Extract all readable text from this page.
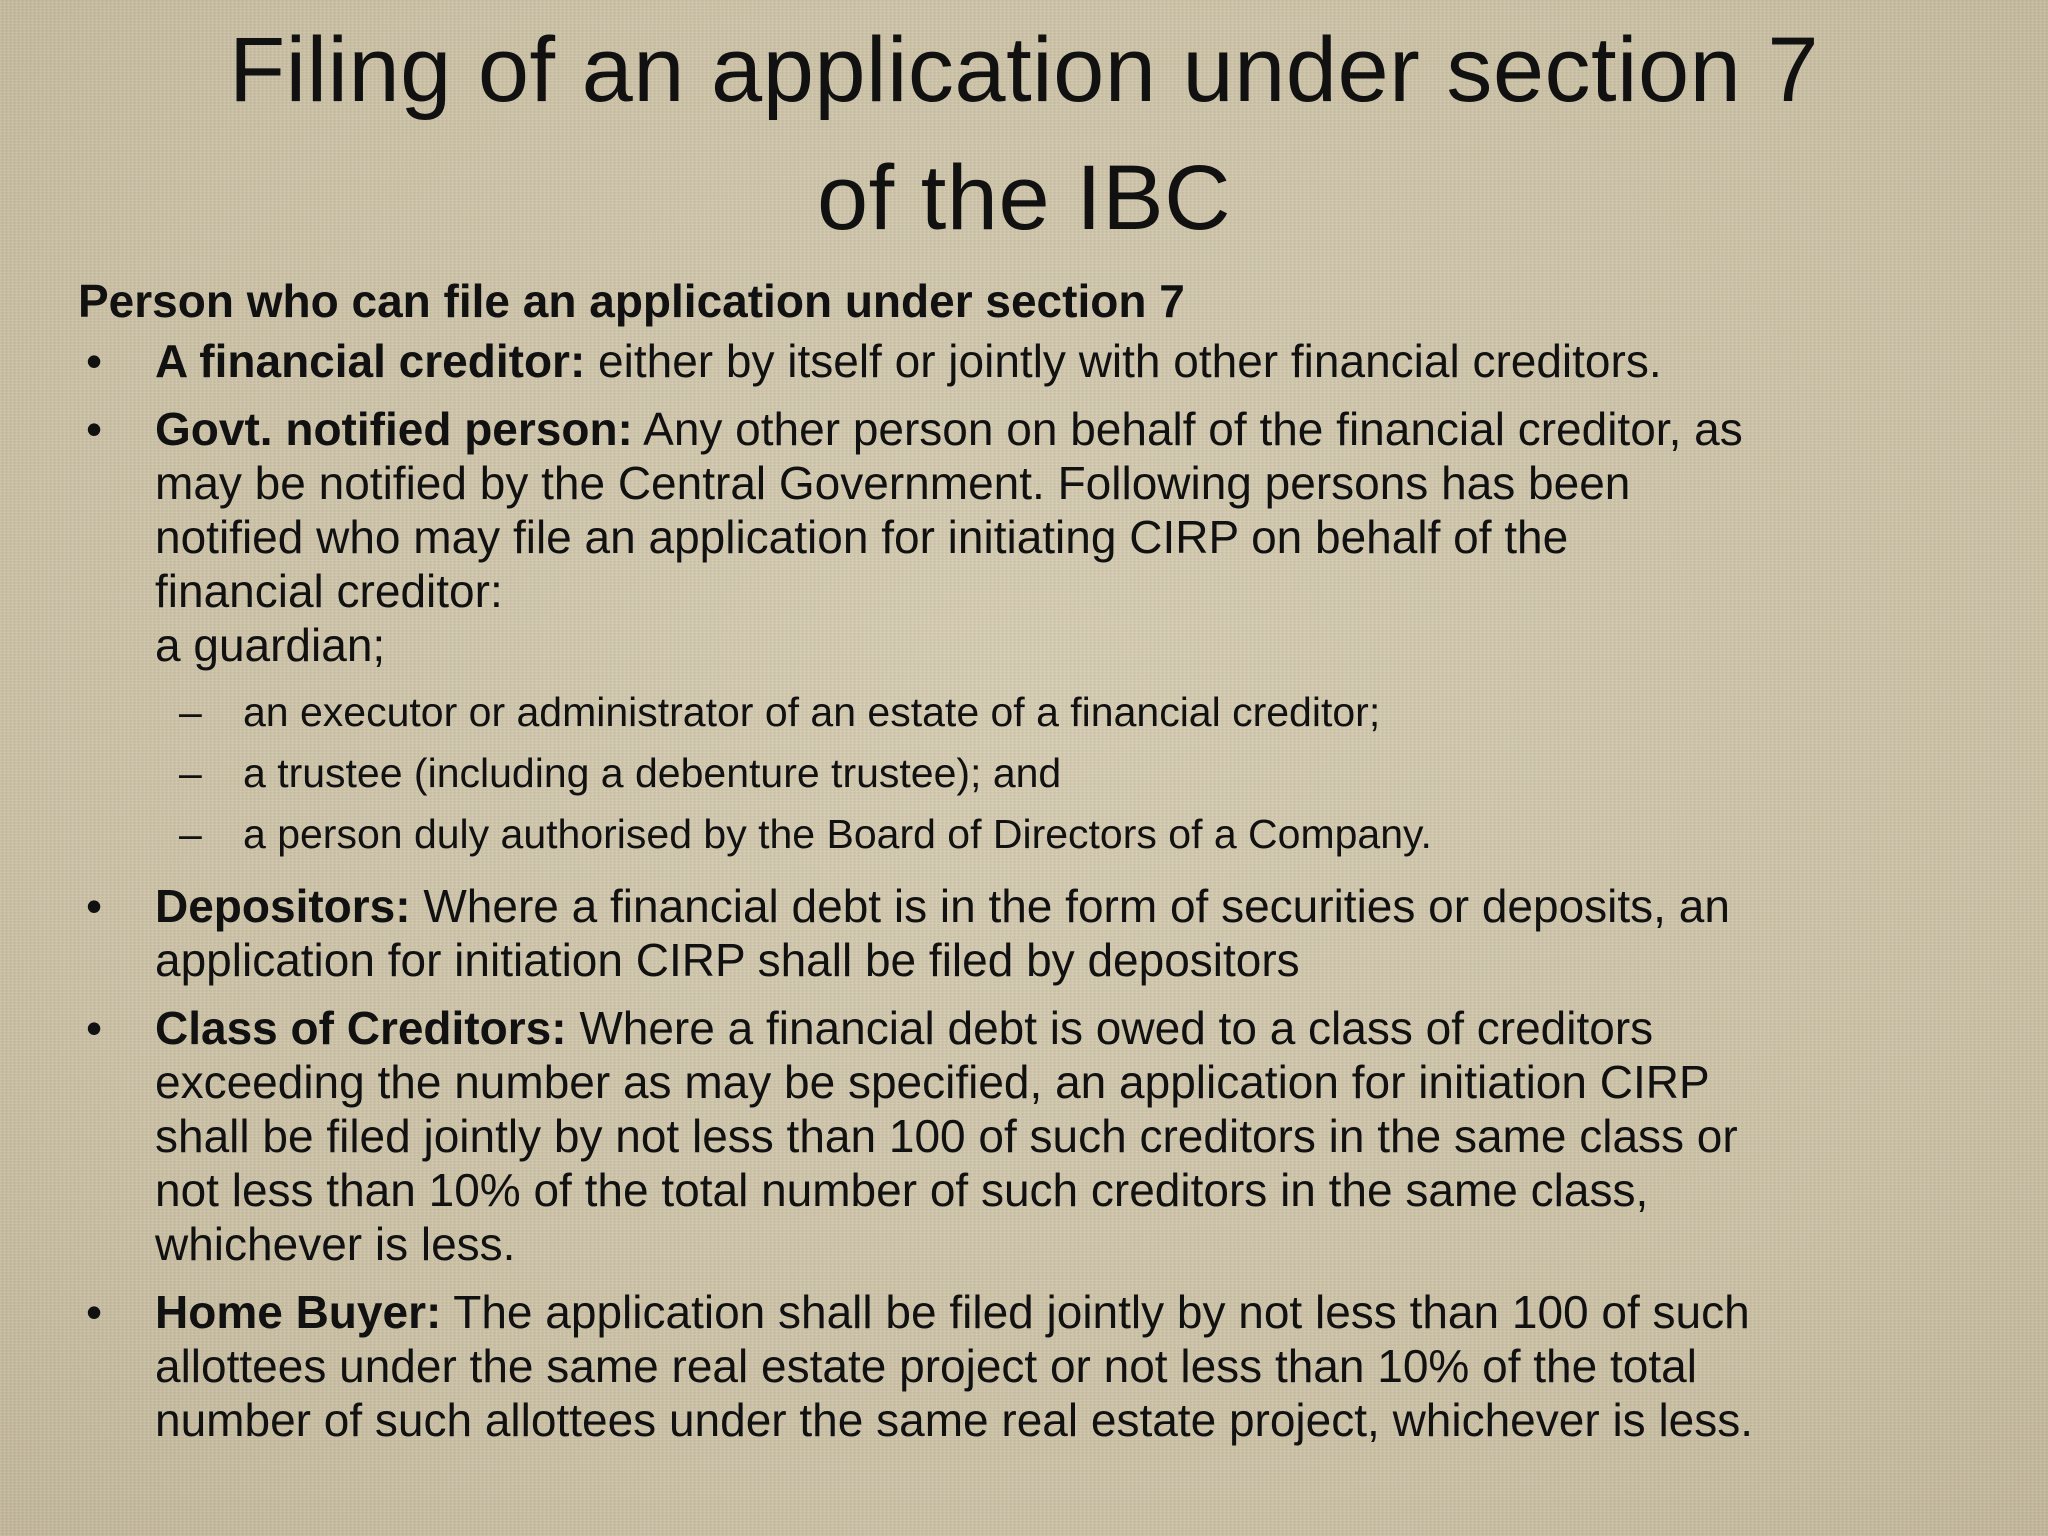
Filing of an application under section 7
of the IBC
Person who can file an application under section 7
• A financial creditor: either by itself or jointly with other financial creditors.
• Govt. notified person: Any other person on behalf of the financial creditor, as
may be notified by the Central Government. Following persons has been
notified who may file an application for initiating CIRP on behalf of the
financial creditor:
a guardian;
– an executor or administrator of an estate of a financial creditor;
– a trustee (including a debenture trustee); and
– a person duly authorised by the Board of Directors of a Company.
• Depositors: Where a financial debt is in the form of securities or deposits, an
application for initiation CIRP shall be filed by depositors
• Class of Creditors: Where a financial debt is owed to a class of creditors
exceeding the number as may be specified, an application for initiation CIRP
shall be filed jointly by not less than 100 of such creditors in the same class or
not less than 10% of the total number of such creditors in the same class,
whichever is less.
• Home Buyer: The application shall be filed jointly by not less than 100 of such
allottees under the same real estate project or not less than 10% of the total
number of such allottees under the same real estate project, whichever is less.
